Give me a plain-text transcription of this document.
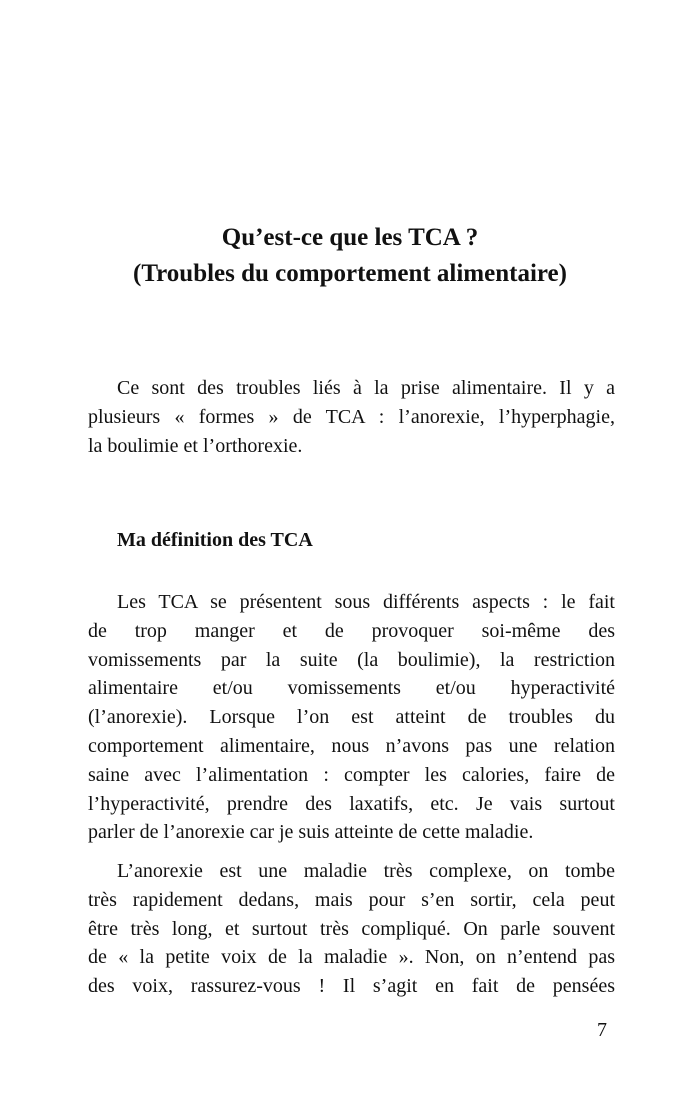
Qu’est-ce que les TCA ?
(Troubles du comportement alimentaire)
Ce sont des troubles liés à la prise alimentaire. Il y a
plusieurs « formes » de TCA : l’anorexie, l’hyperphagie,
la boulimie et l’orthorexie.
Ma définition des TCA
Les TCA se présentent sous différents aspects : le fait
de trop manger et de provoquer soi-même des
vomissements par la suite (la boulimie), la restriction
alimentaire et/ou vomissements et/ou hyperactivité
(l’anorexie). Lorsque l’on est atteint de troubles du
comportement alimentaire, nous n’avons pas une relation
saine avec l’alimentation : compter les calories, faire de
l’hyperactivité, prendre des laxatifs, etc. Je vais surtout
parler de l’anorexie car je suis atteinte de cette maladie.
L’anorexie est une maladie très complexe, on tombe
très rapidement dedans, mais pour s’en sortir, cela peut
être très long, et surtout très compliqué. On parle souvent
de « la petite voix de la maladie ». Non, on n’entend pas
des voix, rassurez-vous ! Il s’agit en fait de pensées
7
